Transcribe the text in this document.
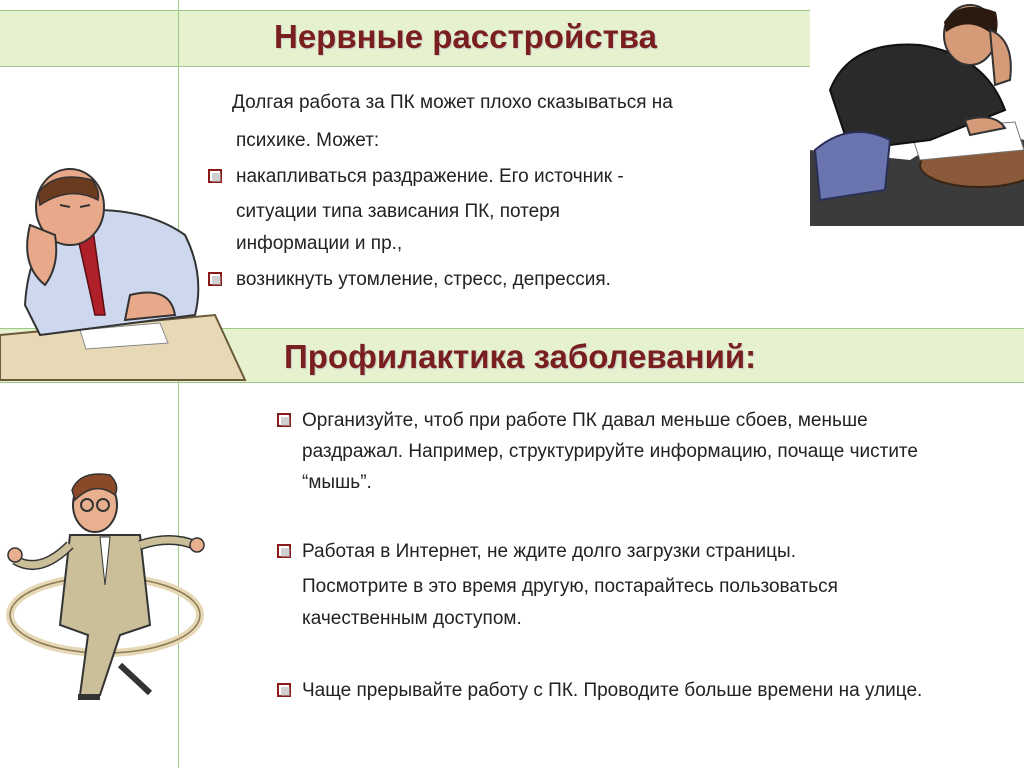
Нервные расстройства
Долгая работа за ПК может плохо сказываться на
психике. Может:
накапливаться раздражение. Его источник -
ситуации типа зависания ПК, потеря
информации и пр.,
возникнуть утомление, стресс, депрессия.
Профилактика заболеваний:
Организуйте, чтоб при работе ПК давал меньше сбоев, меньше
раздражал. Например, структурируйте информацию, почаще чистите
“мышь”.
Работая в Интернет, не ждите долго загрузки страницы.
Посмотрите в это время другую, постарайтесь пользоваться
качественным доступом.
Чаще прерывайте работу с ПК. Проводите больше времени на улице.
